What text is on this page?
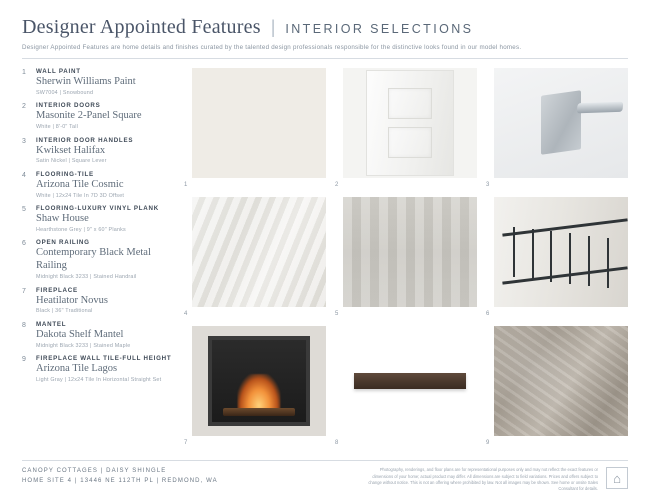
Designer Appointed Features | INTERIOR SELECTIONS
Designer Appointed Features are home details and finishes curated by the talented design professionals responsible for the distinctive looks found in our model homes.
1	WALL PAINT
Sherwin Williams Paint
SW7004 | Snowbound
2	INTERIOR DOORS
Masonite 2-Panel Square
White | 8'-0" Tall
3	INTERIOR DOOR HANDLES
Kwikset Halifax
Satin Nickel | Square Lever
4	FLOORING-TILE
Arizona Tile Cosmic
White | 12x24 Tile In 7D 3D Offset
5	FLOORING-LUXURY VINYL PLANK
Shaw House
Hearthstone Grey | 9" x 60" Planks
6	OPEN RAILING
Contemporary Black Metal Railing
Midnight Black 3233 | Stained Handrail
7	FIREPLACE
Heatilator Novus
Black | 36" Traditional
8	MANTEL
Dakota Shelf Mantel
Midnight Black 3233 | Stained Maple
9	FIREPLACE WALL TILE-FULL HEIGHT
Arizona Tile Lagos
Light Gray | 12x24 Tile In Horizontal Straight Set
1	2	3
4	5	6
7	8	9
CANOPY COTTAGES | DAISY SHINGLE
HOME SITE 4 | 13446 NE 112TH PL | REDMOND, WA
Photography, renderings, and floor plans are for representational purposes only and may not reflect the exact features or dimensions of your home; actual product may differ. All dimensions are subject to field variations. Prices and offers subject to change without notice. This is not an offering where prohibited by law. Not all images may be shown. See home or onsite Sales Consultant for details.
⌂
